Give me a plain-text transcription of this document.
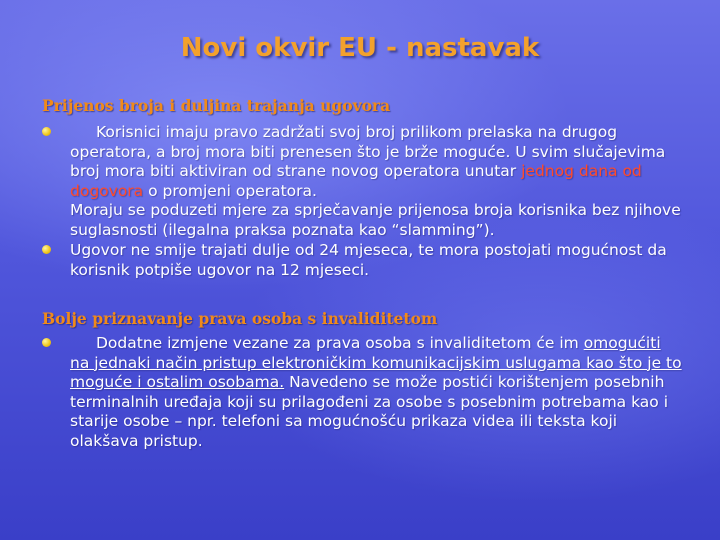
Novi okvir EU - nastavak
Prijenos broja i duljina trajanja ugovora
Korisnici imaju pravo zadržati svoj broj prilikom prelaska na drugog operatora, a broj mora biti prenesen što je brže moguće. U svim slučajevima broj mora biti aktiviran od strane novog operatora unutar jednog dana od dogovora o promjeni operatora.
Moraju se poduzeti mjere za sprječavanje prijenosa broja korisnika bez njihove suglasnosti (ilegalna praksa poznata kao “slamming”).
Ugovor ne smije trajati dulje od 24 mjeseca, te mora postojati mogućnost da korisnik potpiše ugovor na 12 mjeseci.
Bolje priznavanje prava osoba s invaliditetom
Dodatne izmjene vezane za prava osoba s invaliditetom će im omogućiti na jednaki način pristup elektroničkim komunikacijskim uslugama kao što je to moguće i ostalim osobama. Navedeno se može postići korištenjem posebnih terminalnih uređaja koji su prilagođeni za osobe s posebnim potrebama kao i starije osobe – npr. telefoni sa mogućnošću prikaza videa ili teksta koji olakšava pristup.
